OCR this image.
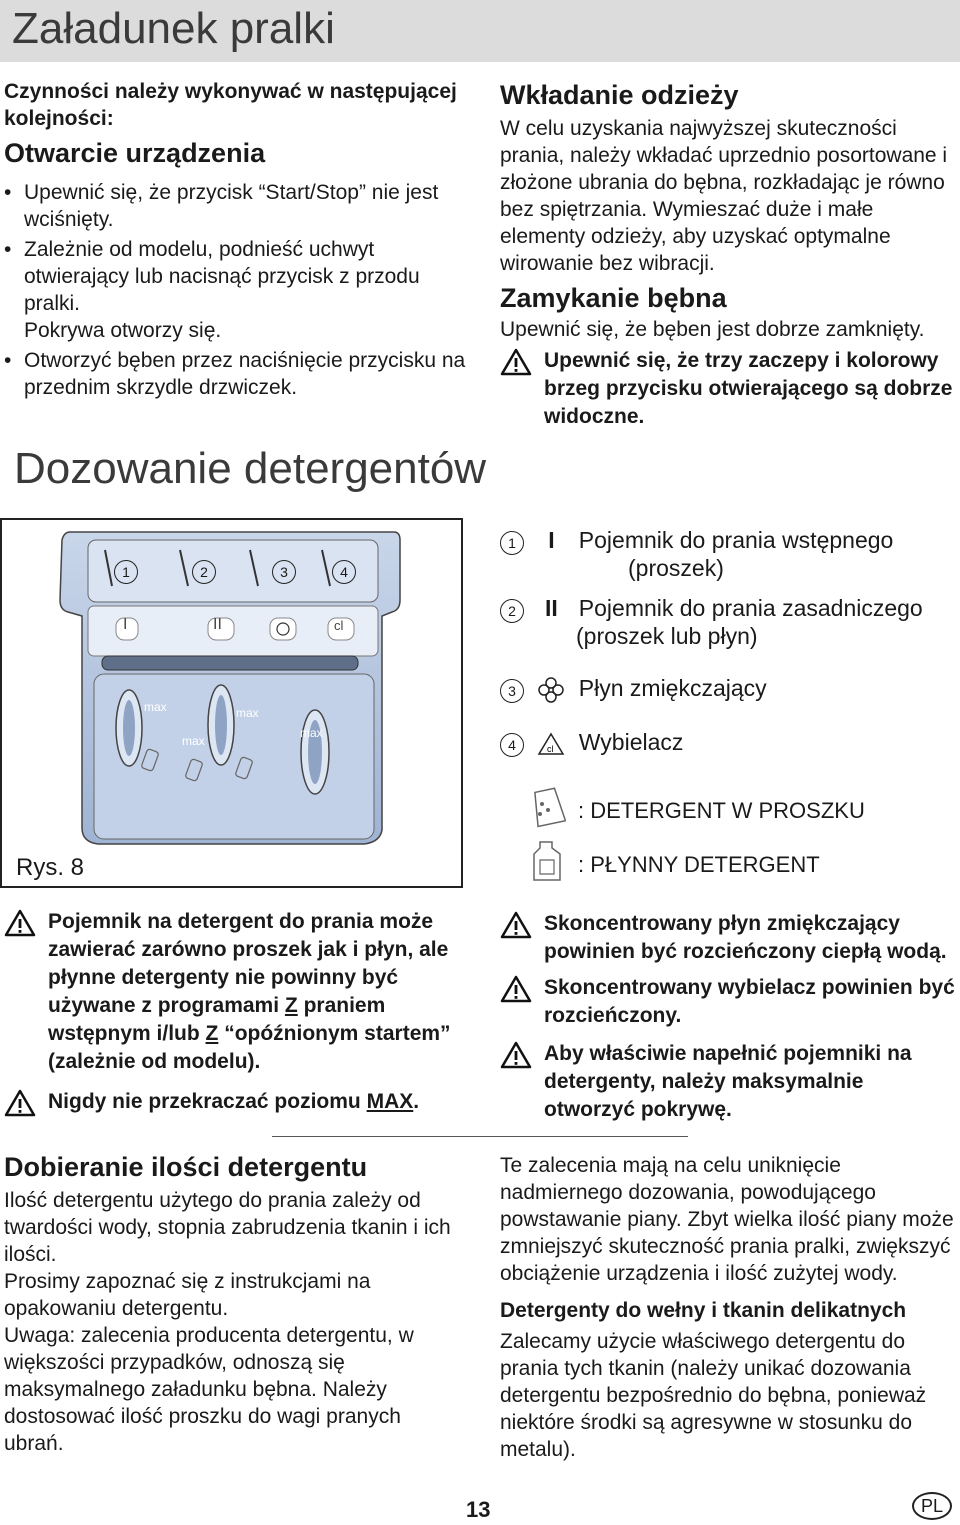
Załadunek pralki
Czynności należy wykonywać w następującej kolejności:
Otwarcie urządzenia
• Upewnić się, że przycisk “Start/Stop” nie jest wciśnięty.
• Zależnie od modelu, podnieść uchwyt otwierający lub nacisnąć przycisk z przodu pralki.
Pokrywa otworzy się.
• Otworzyć bęben przez naciśnięcie przycisku na przednim skrzydle drzwiczek.
Wkładanie odzieży
W celu uzyskania najwyższej skuteczności prania, należy wkładać uprzednio posortowane i złożone ubrania do bębna, rozkładając je równo bez spiętrzania. Wymieszać duże i małe elementy odzieży, aby uzyskać optymalne wirowanie bez wibracji.
Zamykanie bębna
Upewnić się, że bęben jest dobrze zamknięty.
Upewnić się, że trzy zaczepy i kolorowy brzeg przycisku otwierającego są dobrze widoczne.
Dozowanie detergentów
1	2	3	4
I	II	cl
max	max
max
max
Rys. 8
1 I Pojemnik do prania wstępnego
(proszek)
2 II Pojemnik do prania zasadniczego
(proszek lub płyn)
3	Płyn zmiękczający
4	cl Wybielacz
: DETERGENT W PROSZKU
: PŁYNNY DETERGENT
Pojemnik na detergent do prania może zawierać zarówno proszek jak i płyn, ale płynne detergenty nie powinny być używane z programami Z praniem wstępnym i/lub Z “opóźnionym startem” (zależnie od modelu).
Nigdy nie przekraczać poziomu MAX.
Skoncentrowany płyn zmiękczający powinien być rozcieńczony ciepłą wodą.
Skoncentrowany wybielacz powinien być rozcieńczony.
Aby właściwie napełnić pojemniki na detergenty, należy maksymalnie otworzyć pokrywę.
Dobieranie ilości detergentu
Ilość detergentu użytego do prania zależy od twardości wody, stopnia zabrudzenia tkanin i ich ilości.
Prosimy zapoznać się z instrukcjami na opakowaniu detergentu.
Uwaga: zalecenia producenta detergentu, w większości przypadków, odnoszą się maksymalnego załadunku bębna. Należy dostosować ilość proszku do wagi pranych ubrań.
Te zalecenia mają na celu uniknięcie nadmiernego dozowania, powodującego powstawanie piany. Zbyt wielka ilość piany może zmniejszyć skuteczność prania pralki, zwiększyć obciążenie urządzenia i ilość zużytej wody.
Detergenty do wełny i tkanin delikatnych
Zalecamy użycie właściwego detergentu do prania tych tkanin (należy unikać dozowania detergentu bezpośrednio do bębna, ponieważ niektóre środki są agresywne w stosunku do metalu).
13	PL
